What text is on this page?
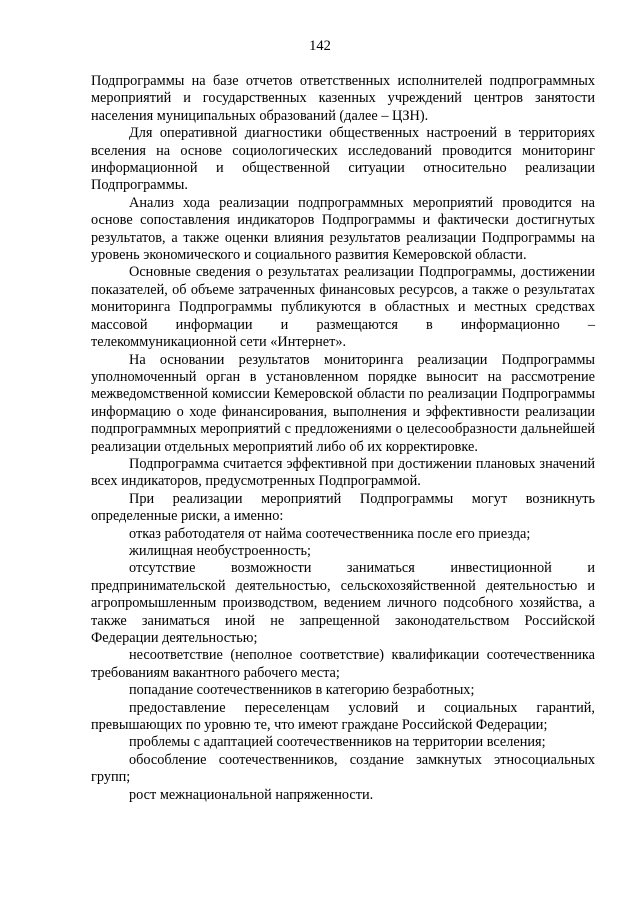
142

Подпрограммы на базе отчетов ответственных исполнителей подпрограммных мероприятий и государственных казенных учреждений центров занятости населения муниципальных образований (далее – ЦЗН).

Для оперативной диагностики общественных настроений в территориях вселения на основе социологических исследований проводится мониторинг информационной и общественной ситуации относительно реализации Подпрограммы.

Анализ хода реализации подпрограммных мероприятий проводится на основе сопоставления индикаторов Подпрограммы и фактически достигнутых результатов, а также оценки влияния результатов реализации Подпрограммы на уровень экономического и социального развития Кемеровской области.

Основные сведения о результатах реализации Подпрограммы, достижении показателей, об объеме затраченных финансовых ресурсов, а также о результатах мониторинга Подпрограммы публикуются в областных и местных средствах массовой информации и размещаются в информационно – телекоммуникационной сети «Интернет».

На основании результатов мониторинга реализации Подпрограммы уполномоченный орган в установленном порядке выносит на рассмотрение межведомственной комиссии Кемеровской области по реализации Подпрограммы информацию о ходе финансирования, выполнения и эффективности реализации подпрограммных мероприятий с предложениями о целесообразности дальнейшей реализации отдельных мероприятий либо об их корректировке.

Подпрограмма считается эффективной при достижении плановых значений всех индикаторов, предусмотренных Подпрограммой.

При реализации мероприятий Подпрограммы могут возникнуть определенные риски, а именно:

отказ работодателя от найма соотечественника после его приезда;

жилищная необустроенность;

отсутствие возможности заниматься инвестиционной и предпринимательской деятельностью, сельскохозяйственной деятельностью и агропромышленным производством, ведением личного подсобного хозяйства, а также заниматься иной не запрещенной законодательством Российской Федерации деятельностью;

несоответствие (неполное соответствие) квалификации соотечественника требованиям вакантного рабочего места;

попадание соотечественников в категорию безработных;

предоставление переселенцам условий и социальных гарантий, превышающих по уровню те, что имеют граждане Российской Федерации;

проблемы с адаптацией соотечественников на территории вселения;

обособление соотечественников, создание замкнутых этносоциальных групп;

рост межнациональной напряженности.
